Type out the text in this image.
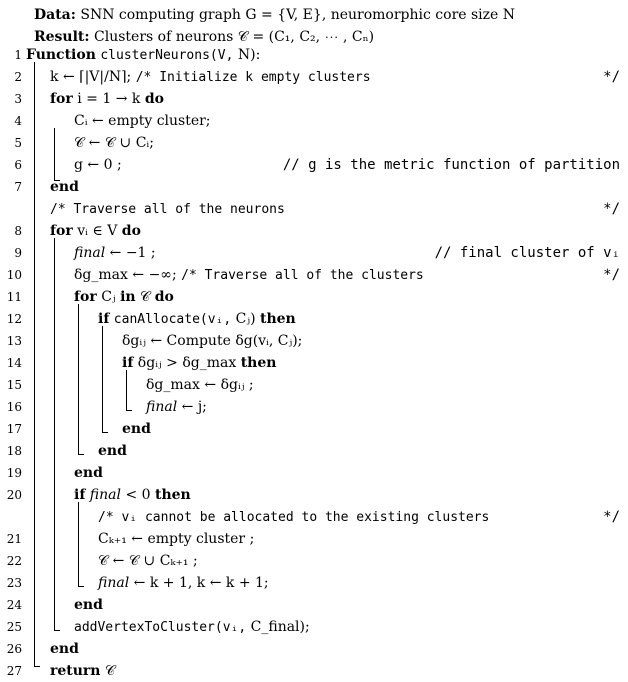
Data: SNN computing graph G = {V, E}, neuromorphic core size N
Result: Clusters of neurons 𝒞 = (C₁, C₂, ⋯ , Cₙ)
1 Function clusterNeurons(V, N):
2 k ← ⌈|V|/N⌉; /* Initialize k empty clusters	*/
3 for i = 1 → k do
4	Cᵢ ← empty cluster;
5	𝒞 ← 𝒞 ∪ Cᵢ;
6	g ← 0 ;	// g is the metric function of partition
7 end
/* Traverse all of the neurons	*/
8 for vᵢ ∈ V do
9	final ← −1 ;	// final cluster of vᵢ
10	δg_max ← −∞; /* Traverse all of the clusters	*/
11	for Cⱼ in 𝒞 do
12	if canAllocate(vᵢ, Cⱼ) then
13	δgᵢⱼ ← Compute δg(vᵢ, Cⱼ);
14	if δgᵢⱼ > δg_max then
15	δg_max ← δgᵢⱼ ;
16	final ← j;
17	end
18	end
19	end
20	if final < 0 then
/* vᵢ cannot be allocated to the existing clusters	*/
21	Cₖ₊₁ ← empty cluster ;
22	𝒞 ← 𝒞 ∪ Cₖ₊₁ ;
23	final ← k + 1, k ← k + 1;
24	end
25	addVertexToCluster(vᵢ, C_final);
26 end
27 return 𝒞
